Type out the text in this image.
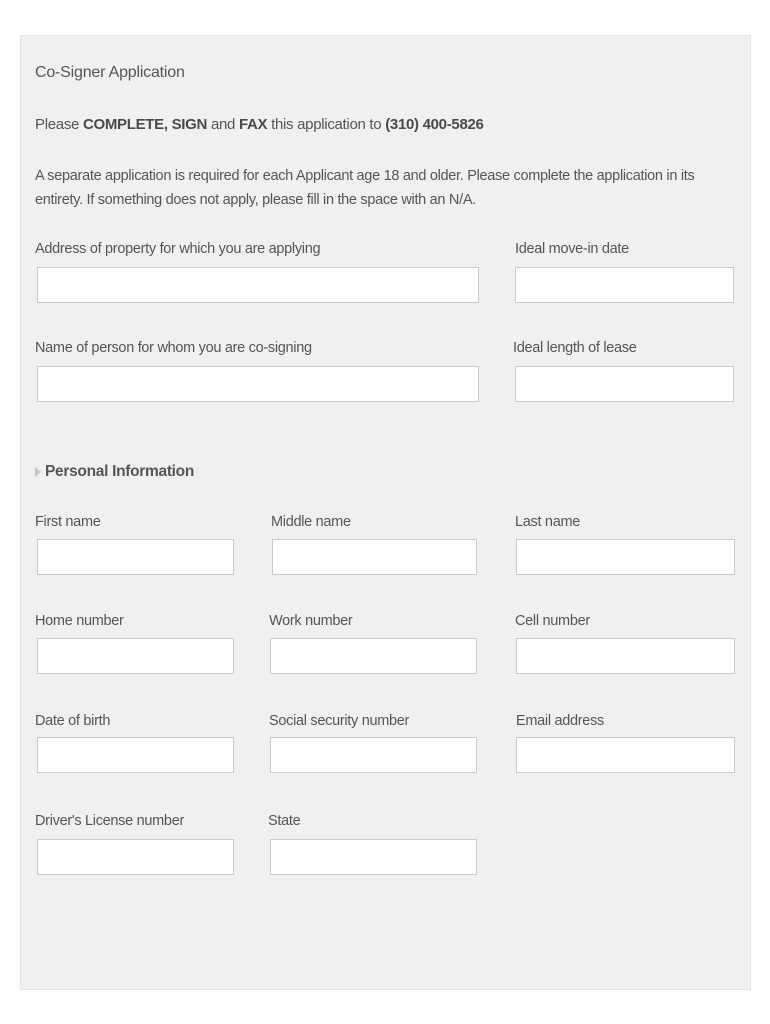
Co-Signer Application
Please COMPLETE, SIGN and FAX this application to (310) 400-5826
A separate application is required for each Applicant age 18 and older. Please complete the application in its entirety. If something does not apply, please fill in the space with an N/A.
Address of property for which you are applying	Ideal move-in date
Name of person for whom you are co-signing	Ideal length of lease
Personal Information
First name	Middle name	Last name
Home number	Work number	Cell number
Date of birth	Social security number	Email address
Driver's License number	State
